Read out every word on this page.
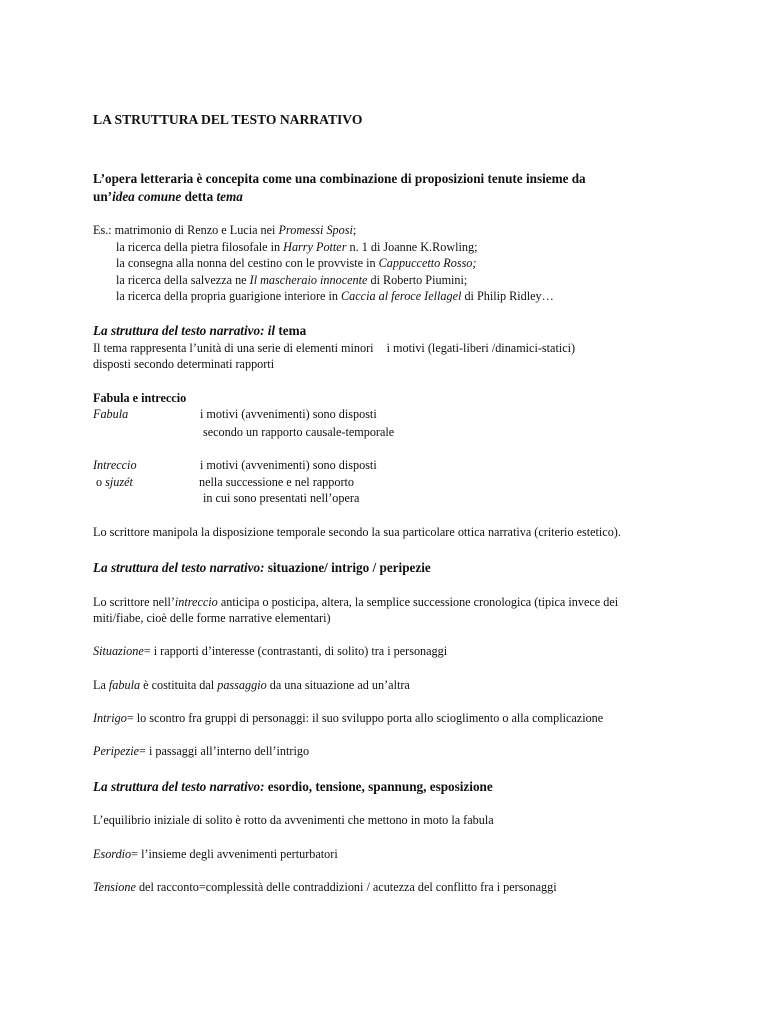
LA STRUTTURA DEL TESTO NARRATIVO
L’opera letteraria è concepita come una combinazione di proposizioni tenute insieme da
un’idea comune detta tema
Es.: matrimonio di Renzo e Lucia nei Promessi Sposi;
la ricerca della pietra filosofale in Harry Potter n. 1 di Joanne K.Rowling;
la consegna alla nonna del cestino con le provviste in Cappuccetto Rosso;
la ricerca della salvezza ne Il mascheraio innocente di Roberto Piumini;
la ricerca della propria guarigione interiore in Caccia al feroce Iellagel di Philip Ridley…
La struttura del testo narrativo: il tema
Il tema rappresenta l’unità di una serie di elementi minori i motivi (legati-liberi /dinamici-statici)
disposti secondo determinati rapporti
Fabula e intreccio
Fabula	i motivi (avvenimenti) sono disposti
secondo un rapporto causale-temporale
Intreccio	i motivi (avvenimenti) sono disposti
o sjuzét	nella successione e nel rapporto
in cui sono presentati nell’opera
Lo scrittore manipola la disposizione temporale secondo la sua particolare ottica narrativa (criterio estetico).
La struttura del testo narrativo: situazione/ intrigo / peripezie
Lo scrittore nell’intreccio anticipa o posticipa, altera, la semplice successione cronologica (tipica invece dei
miti/fiabe, cioè delle forme narrative elementari)
Situazione= i rapporti d’interesse (contrastanti, di solito) tra i personaggi
La fabula è costituita dal passaggio da una situazione ad un’altra
Intrigo= lo scontro fra gruppi di personaggi: il suo sviluppo porta allo scioglimento o alla complicazione
Peripezie= i passaggi all’interno dell’intrigo
La struttura del testo narrativo: esordio, tensione, spannung, esposizione
L’equilibrio iniziale di solito è rotto da avvenimenti che mettono in moto la fabula
Esordio= l’insieme degli avvenimenti perturbatori
Tensione del racconto=complessità delle contraddizioni / acutezza del conflitto fra i personaggi
